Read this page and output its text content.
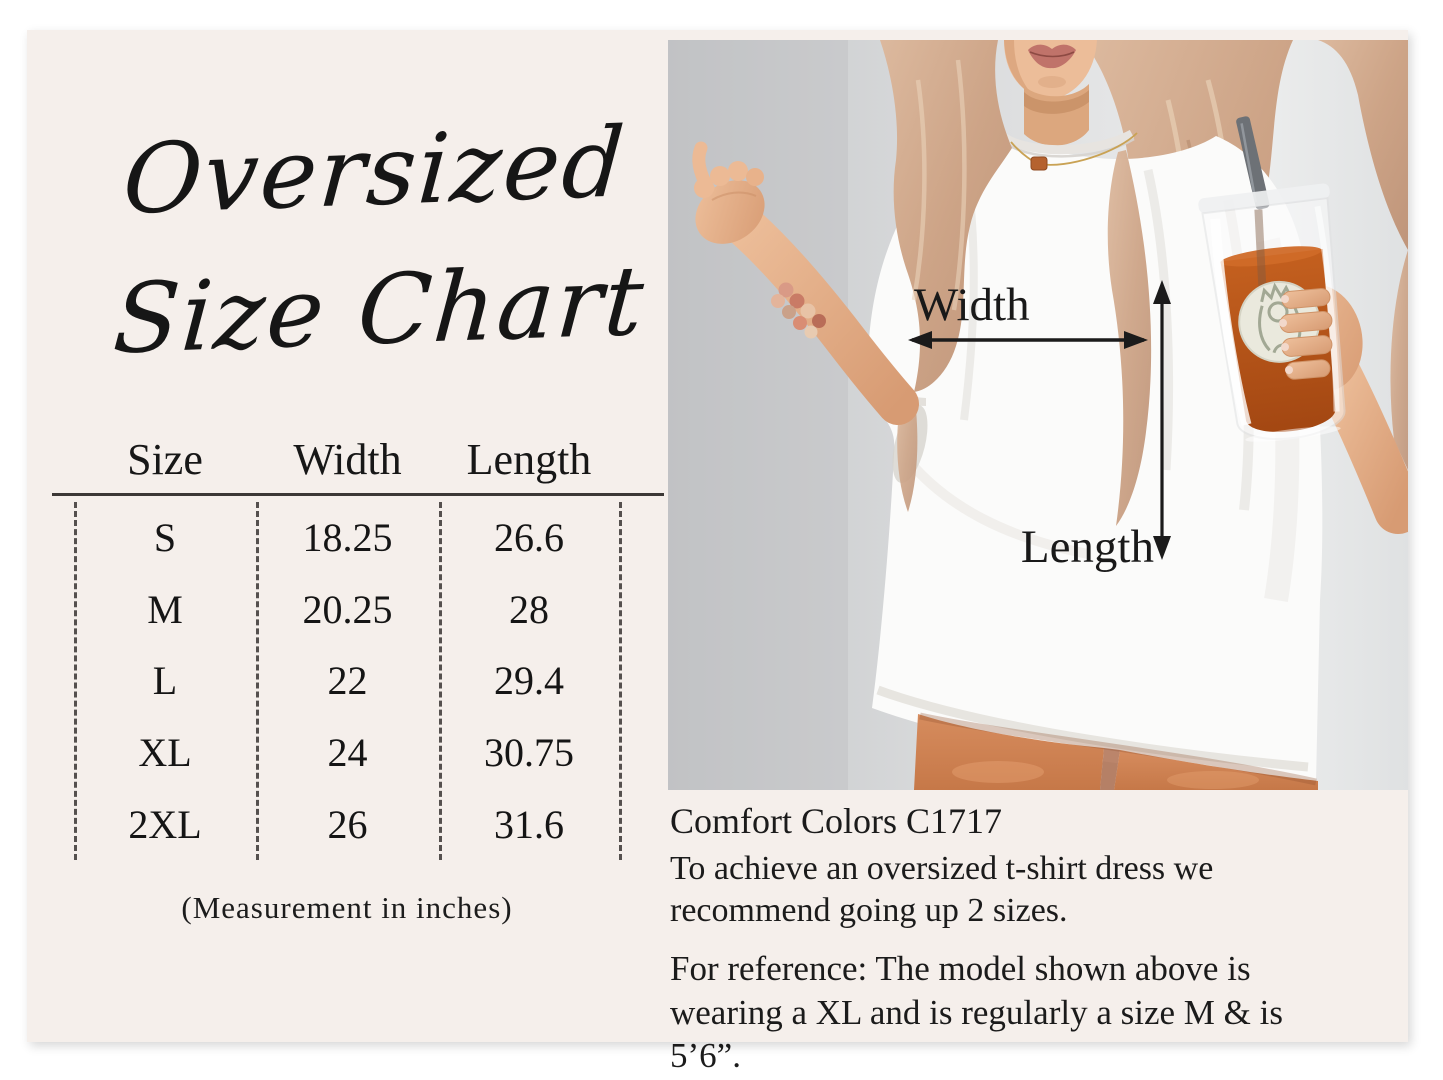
Oversized
Size Chart
Size	Width	Length
S	18.25	26.6
M	20.25	28
L	22	29.4
XL	24	30.75
2XL	26	31.6
(Measurement in inches)
Width
Length
Comfort Colors C1717
To achieve an oversized t-shirt dress we recommend going up 2 sizes.
For reference: The model shown above is wearing a XL and is regularly a size M & is 5’6”.
